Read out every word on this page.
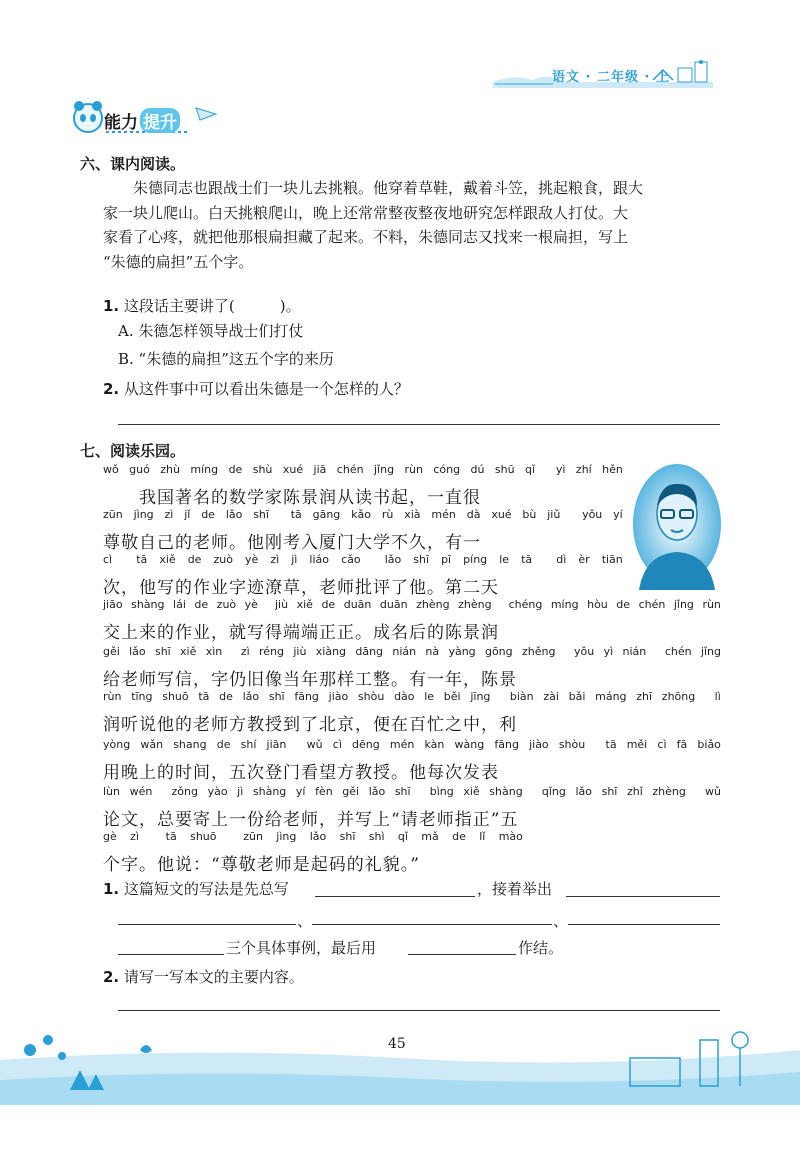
语文 · 二年级 · 上
能力 提升
六、课内阅读。
朱德同志也跟战士们一块儿去挑粮。他穿着草鞋，戴着斗笠，挑起粮食，跟大
家一块儿爬山。白天挑粮爬山，晚上还常常整夜整夜地研究怎样跟敌人打仗。大
家看了心疼，就把他那根扁担藏了起来。不料，朱德同志又找来一根扁担，写上
“朱德的扁担”五个字。
1. 这段话主要讲了(　　　)。
A. 朱德怎样领导战士们打仗
B. “朱德的扁担”这五个字的来历
2. 从这件事中可以看出朱德是一个怎样的人？
七、阅读乐园。
wǒ guó zhù míng de shù xué jiā chén jǐng rùn cóng dú shū qǐ yì zhí hěn
　　我国著名的数学家陈景润从读书起，一直很
zūn jìng zì jǐ de lǎo shī tā gāng kǎo rù xià mén dà xué bù jiǔ yǒu yí
尊敬自己的老师。他刚考入厦门大学不久，有一
cì tā xiě de zuò yè zì jì liáo cǎo lǎo shī pī píng le tā dì èr tiān
次，他写的作业字迹潦草，老师批评了他。第二天
jiāo shàng lái de zuò yè jiù xiě de duān duān zhèng zhèng chéng míng hòu de chén jǐng rùn
交上来的作业，就写得端端正正。成名后的陈景润
gěi lǎo shī xiě xìn zì réng jiù xiàng dāng nián nà yàng gōng zhěng yǒu yì nián chén jǐng
给老师写信，字仍旧像当年那样工整。有一年，陈景
rùn tīng shuō tā de lǎo shī fāng jiào shòu dào le běi jīng biàn zài bǎi máng zhī zhōng lì
润听说他的老师方教授到了北京，便在百忙之中，利
yòng wǎn shang de shí jiān wǔ cì dēng mén kàn wàng fāng jiào shòu tā měi cì fā biǎo
用晚上的时间，五次登门看望方教授。他每次发表
lùn wén zǒng yào jì shàng yí fèn gěi lǎo shī bìng xiě shàng qǐng lǎo shī zhǐ zhèng wǔ
论文，总要寄上一份给老师，并写上“请老师指正”五
gè zì tā shuō zūn jìng lǎo shī shì qǐ mǎ de lǐ mào
个字。他说：“尊敬老师是起码的礼貌。”
1. 这篇短文的写法是先总写	，接着举出
、	、
三个具体事例，最后用	作结。
2. 请写一写本文的主要内容。
45
